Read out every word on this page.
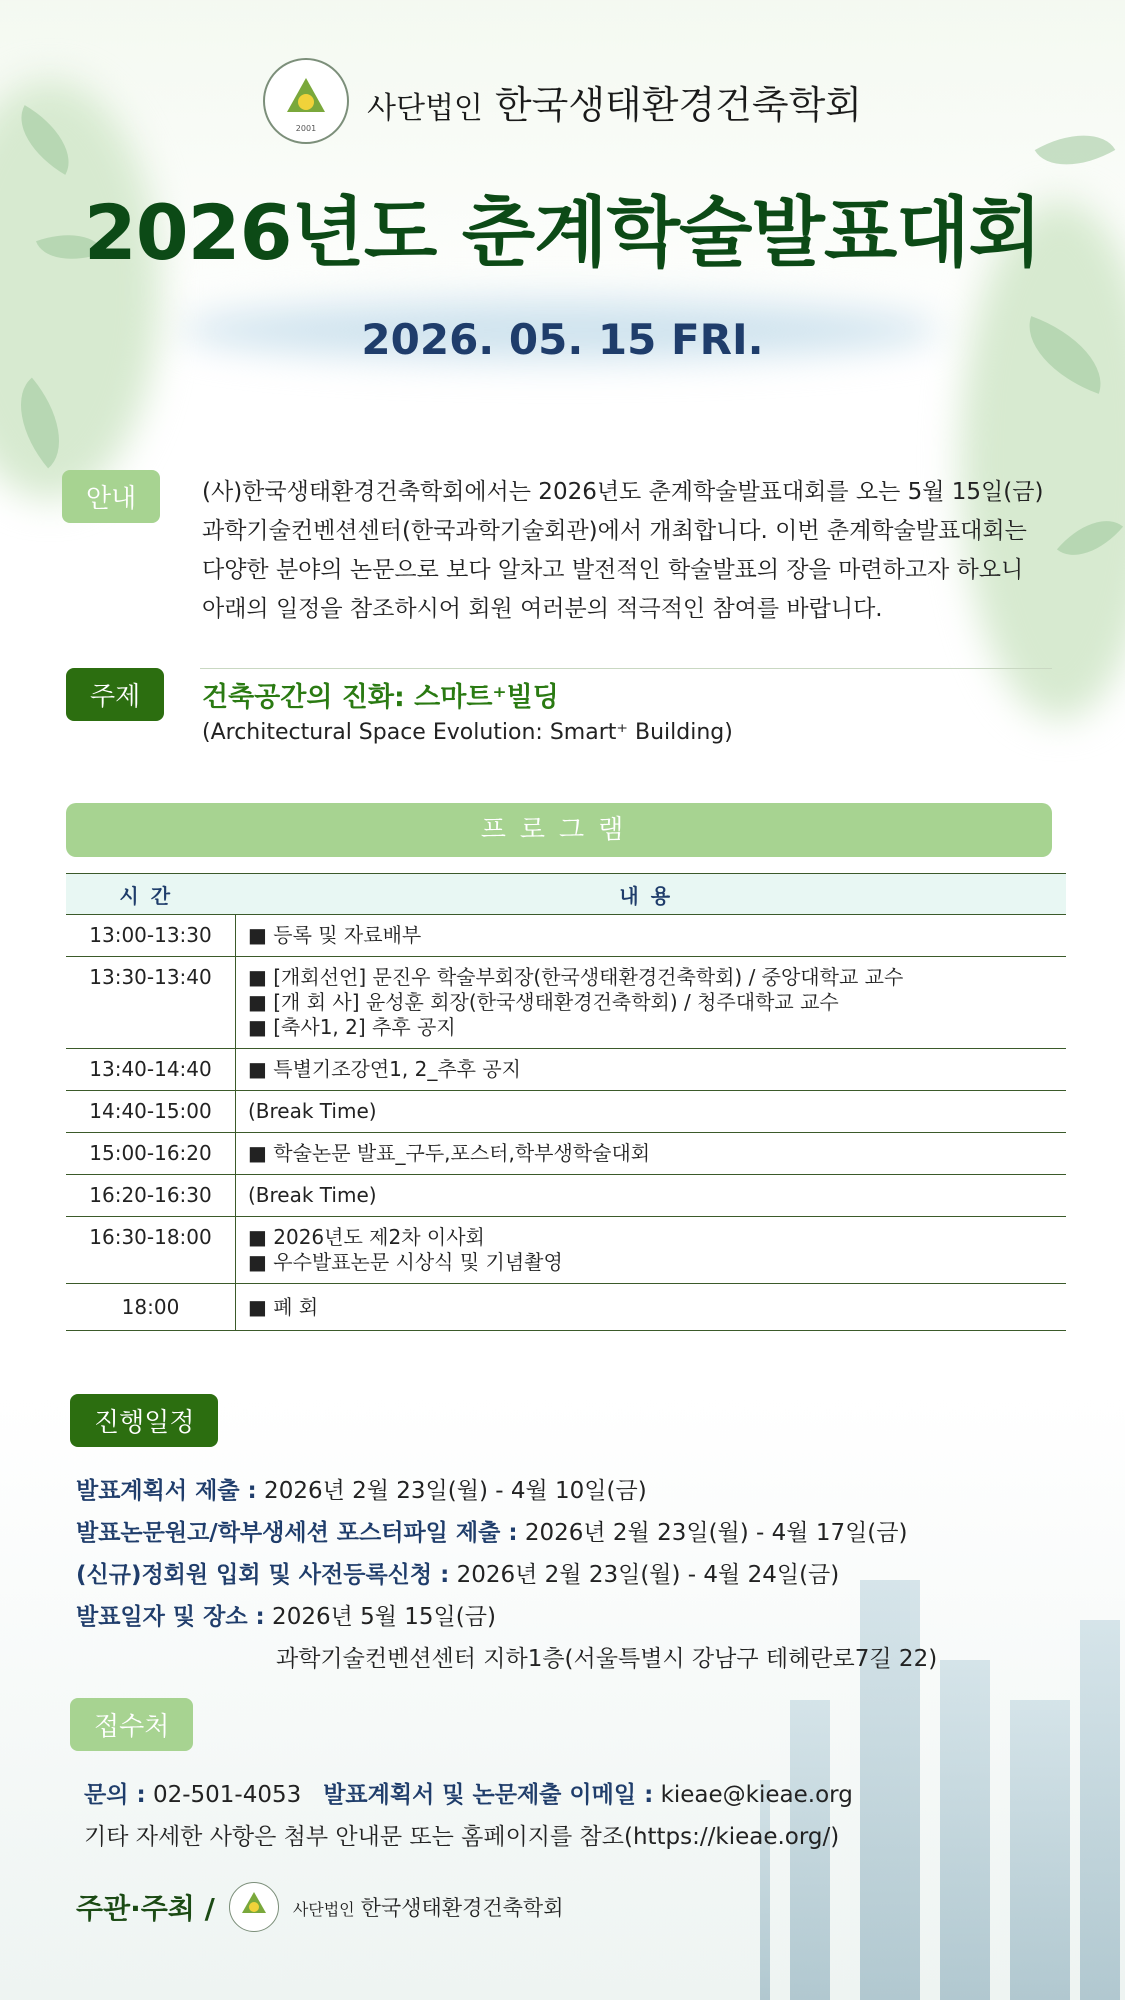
2001
사단법인 한국생태환경건축학회
2026년도 춘계학술발표대회
2026. 05. 15 FRI.
안내	(사)한국생태환경건축학회에서는 2026년도 춘계학술발표대회를 오는 5월 15일(금)
과학기술컨벤션센터(한국과학기술회관)에서 개최합니다. 이번 춘계학술발표대회는
다양한 분야의 논문으로 보다 알차고 발전적인 학술발표의 장을 마련하고자 하오니
아래의 일정을 참조하시어 회원 여러분의 적극적인 참여를 바랍니다.
주제	건축공간의 진화: 스마트⁺빌딩
(Architectural Space Evolution: Smart⁺ Building)
프로그램
시간	내용
13:00-13:30	■ 등록 및 자료배부

13:30-13:40	■ [개회선언] 문진우 학술부회장(한국생태환경건축학회) / 중앙대학교 교수
■ [개 회 사] 윤성훈 회장(한국생태환경건축학회) / 청주대학교 교수
■ [축사1, 2] 추후 공지

13:40-14:40	■ 특별기조강연1, 2_추후 공지

14:40-15:00	(Break Time)

15:00-16:20	■ 학술논문 발표_구두,포스터,학부생학술대회

16:20-16:30	(Break Time)

16:30-18:00	■ 2026년도 제2차 이사회
■ 우수발표논문 시상식 및 기념촬영

18:00	■ 폐 회
진행일정
발표계획서 제출 : 2026년 2월 23일(월) - 4월 10일(금)
발표논문원고/학부생세션 포스터파일 제출 : 2026년 2월 23일(월) - 4월 17일(금)
(신규)정회원 입회 및 사전등록신청 : 2026년 2월 23일(월) - 4월 24일(금)
발표일자 및 장소 : 2026년 5월 15일(금)
과학기술컨벤션센터 지하1층(서울특별시 강남구 테헤란로7길 22)
접수처
문의 : 02-501-4053 발표계획서 및 논문제출 이메일 : kieae@kieae.org
기타 자세한 사항은 첨부 안내문 또는 홈페이지를 참조(https://kieae.org/)
주관·주최 /	사단법인 한국생태환경건축학회
